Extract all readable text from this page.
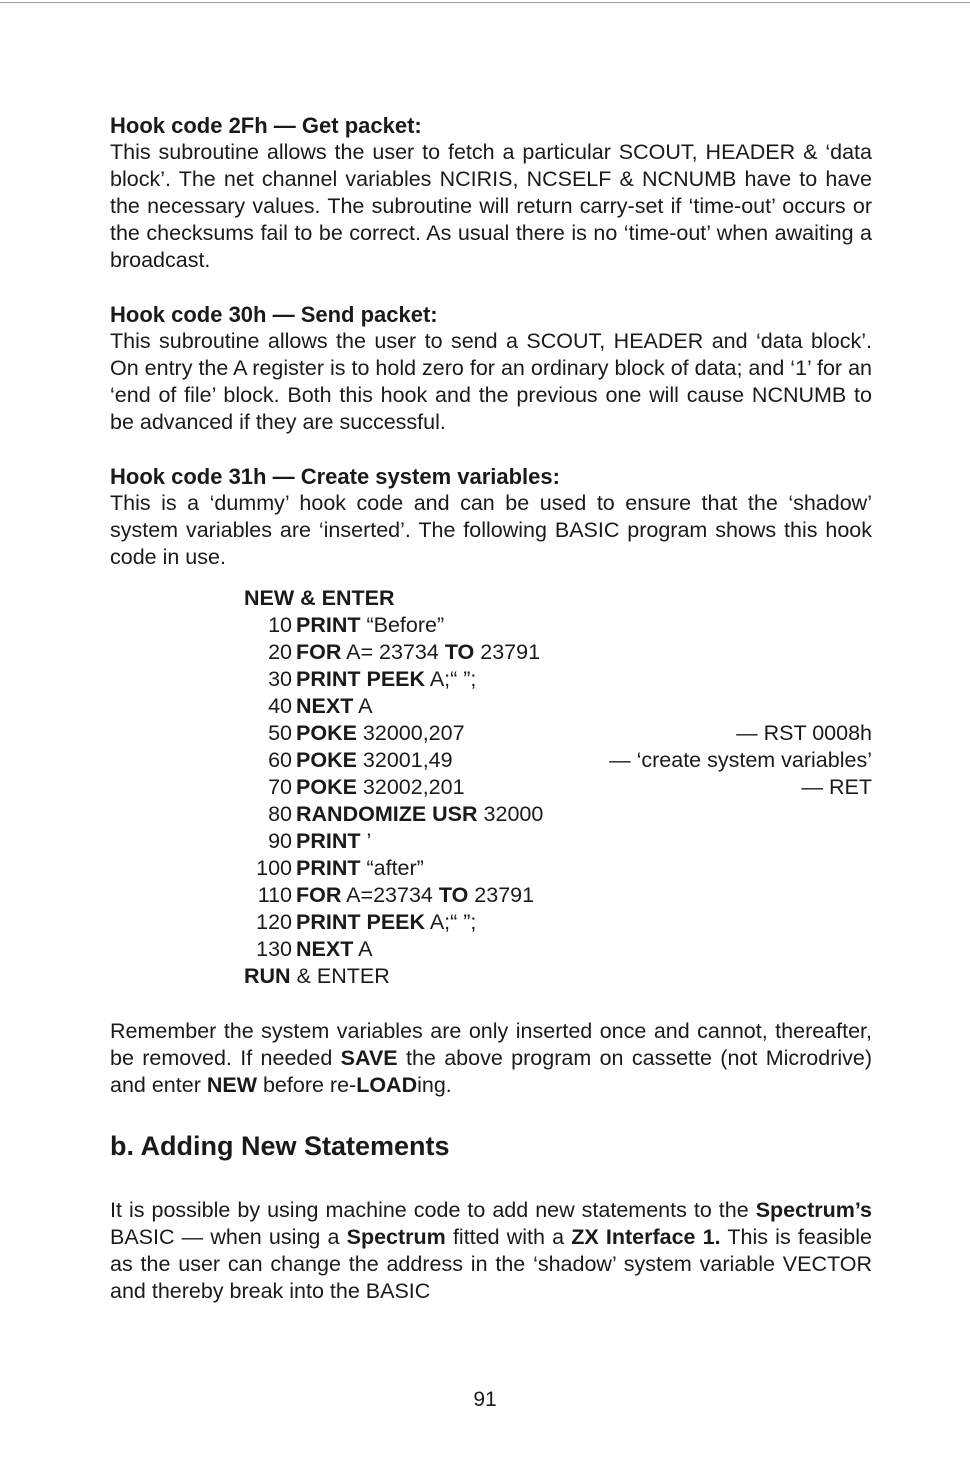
Hook code 2Fh — Get packet:

This subroutine allows the user to fetch a particular SCOUT, HEADER & ‘data block’. The net channel variables NCIRIS, NCSELF & NCNUMB have to have the necessary values. The subroutine will return carry-set if ‘time-out’ occurs or the checksums fail to be correct. As usual there is no ‘time-out’ when awaiting a broadcast.

Hook code 30h — Send packet:

This subroutine allows the user to send a SCOUT, HEADER and ‘data block’. On entry the A register is to hold zero for an ordinary block of data; and ‘1’ for an ‘end of file’ block. Both this hook and the previous one will cause NCNUMB to be advanced if they are successful.

Hook code 31h — Create system variables:

This is a ‘dummy’ hook code and can be used to ensure that the ‘shadow’ system variables are ‘inserted’. The following BASIC program shows this hook code in use.

NEW & ENTER
10 PRINT “Before”
20 FOR A= 23734 TO 23791
30 PRINT PEEK A;“ ”;
40 NEXT A
50 POKE 32000,207	— RST 0008h
60 POKE 32001,49	— ‘create system variables’
70 POKE 32002,201	— RET
80 RANDOMIZE USR 32000
90 PRINT ’
100 PRINT “after”
110 FOR A=23734 TO 23791
120 PRINT PEEK A;“ ”;
130 NEXT A
RUN & ENTER

Remember the system variables are only inserted once and cannot, thereafter, be removed. If needed SAVE the above program on cassette (not Microdrive) and enter NEW before re-LOADing.

b. Adding New Statements

It is possible by using machine code to add new statements to the Spectrum’s BASIC — when using a Spectrum fitted with a ZX Interface 1. This is feasible as the user can change the address in the ‘shadow’ system variable VECTOR and thereby break into the BASIC

91
